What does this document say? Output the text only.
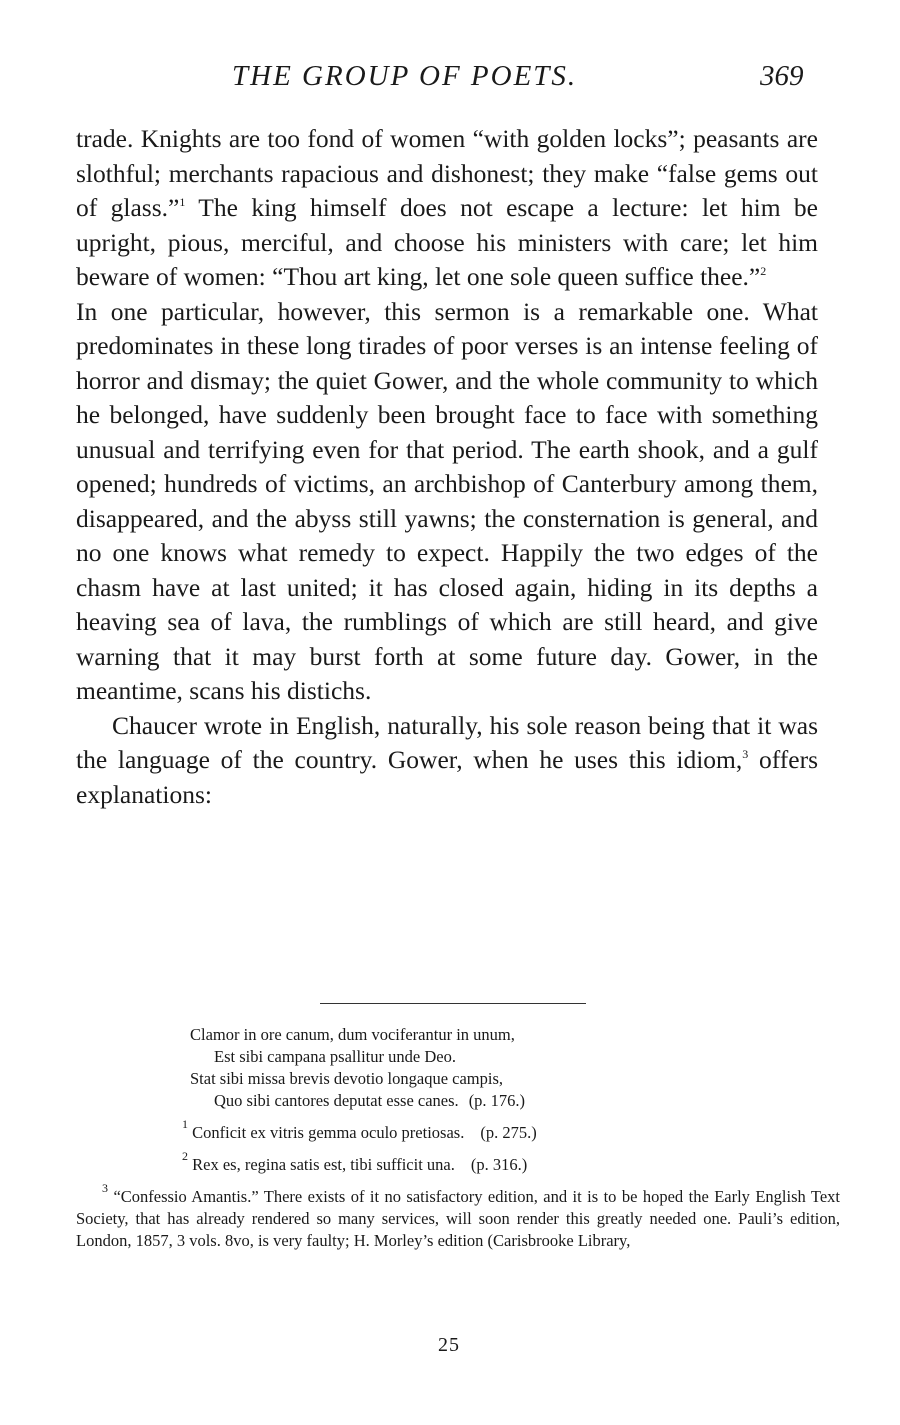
THE GROUP OF POETS.	369

trade. Knights are too fond of women “with golden locks”; peasants are slothful; merchants rapacious and dishonest; they make “false gems out of glass.”$^1$ The king himself does not escape a lecture: let him be upright, pious, merciful, and choose his ministers with care; let him beware of women: “Thou art king, let one sole queen suffice thee.”$^2$

In one particular, however, this sermon is a remarkable one. What predominates in these long tirades of poor verses is an intense feeling of horror and dismay; the quiet Gower, and the whole community to which he belonged, have suddenly been brought face to face with something unusual and terrifying even for that period. The earth shook, and a gulf opened; hundreds of victims, an archbishop of Canterbury among them, disappeared, and the abyss still yawns; the consternation is general, and no one knows what remedy to expect. Happily the two edges of the chasm have at last united; it has closed again, hiding in its depths a heaving sea of lava, the rumblings of which are still heard, and give warning that it may burst forth at some future day. Gower, in the meantime, scans his distichs.

Chaucer wrote in English, naturally, his sole reason being that it was the language of the country. Gower, when he uses this idiom,$^3$ offers explanations:

Clamor in ore canum, dum vociferantur in unum,
Est sibi campana psallitur unde Deo.
Stat sibi missa brevis devotio longaque campis,
Quo sibi cantores deputat esse canes. (p. 176.)
$^1$ Conficit ex vitris gemma oculo pretiosas. (p. 275.)
$^2$ Rex es, regina satis est, tibi sufficit una. (p. 316.)
$^3$ “Confessio Amantis.” There exists of it no satisfactory edition, and it is to be hoped the Early English Text Society, that has already rendered so many services, will soon render this greatly needed one. Pauli’s edition, London, 1857, 3 vols. 8vo, is very faulty; H. Morley’s edition (Carisbrooke Library,
25
